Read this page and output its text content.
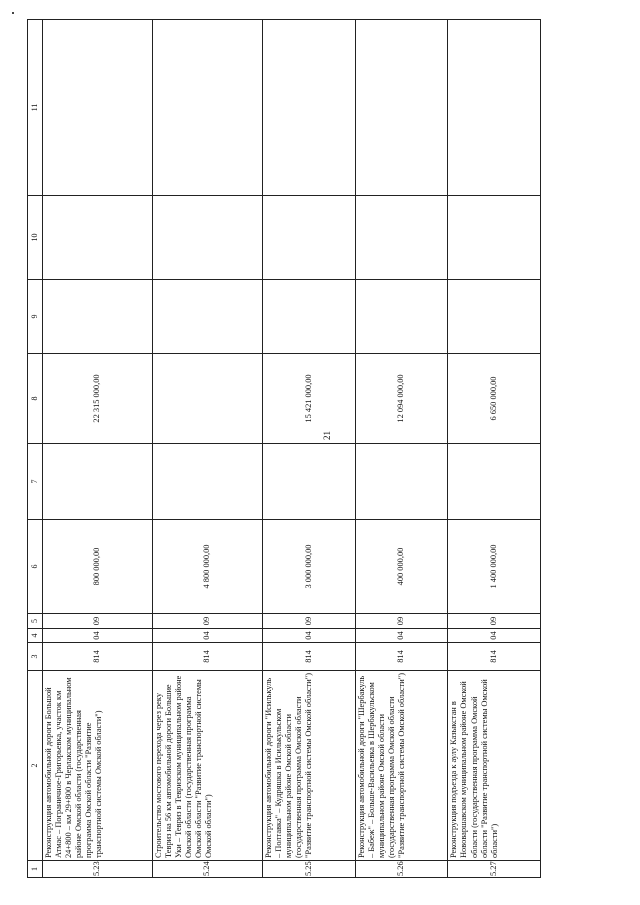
21
1	2	3	4	5	6	7	8	9	10	11
5.23	Реконструкция автомобильной дороги Большой Атмас – Пограничное-Григорьевка, участок км 24+800 – км 29+800 в Черлакском муниципальном районе Омской области (государственная программа Омской области "Развитие транспортной системы Омской области")	814	04	09	800 000,00		22 315 000,00			
5.24	Строительство мостового перехода через реку Тевриз на 56 км автомобильной дороги Большие Уки – Тевриз в Тевризском муниципальном районе Омской области (государственная программа Омской области "Развитие транспортной системы Омской области")	814	04	09	4 800 000,00					
5.25	Реконструкция автомобильной дороги "Исилькуль – Полтавка" – Кудряшка в Исилькульском муниципальном районе Омской области (государственная программа Омской области "Развитие транспортной системы Омской области")	814	04	09	3 000 000,00		15 421 000,00			
5.26	Реконструкция автомобильной дороги "Шербакуль – Бабеж" – Больше-Васильевка в Шербакульском муниципальном районе Омской области (государственная программа Омской области "Развитие транспортной системы Омской области")	814	04	09	400 000,00		12 094 000,00			
5.27	Реконструкция подъезда к аулу Казыкстан в Нововаршавском муниципальном районе Омской области (государственная программа Омской области "Развитие транспортной системы Омской области")	814	04	09	1 400 000,00		6 650 000,00			
